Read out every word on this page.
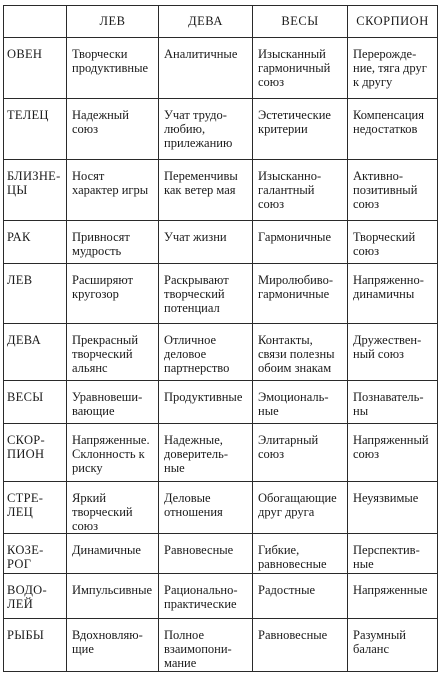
	ЛЕВ	ДЕВА	ВЕСЫ	СКОРПИОН

ОВЕН	Творчески
продуктивные	Аналитичные	Изысканный
гармоничный
союз	Перерожде-
ние, тяга друг
к другу

ТЕЛЕЦ	Надежный
союз	Учат трудо-
любию,
прилежанию	Эстетические
критерии	Компенсация
недостатков

БЛИЗНЕ-
ЦЫ	Носят
характер игры	Переменчивы
как ветер мая	Изысканно-
галантный
союз	Активно-
позитивный
союз

РАК	Привносят
мудрость	Учат жизни	Гармоничные	Творческий
союз

ЛЕВ	Расширяют
кругозор	Раскрывают
творческий
потенциал	Миролюбиво-
гармоничные	Напряженно-
динамичны

ДЕВА	Прекрасный
творческий
альянс	Отличное
деловое
партнерство	Контакты,
связи полезны
обоим знакам	Дружествен-
ный союз

ВЕСЫ	Уравновеши-
вающие	Продуктивные	Эмоциональ-
ные	Познаватель-
ны

СКОР-
ПИОН	Напряженные.
Склонность к
риску	Надежные,
доверитель-
ные	Элитарный
союз	Напряженный
союз

СТРЕ-
ЛЕЦ	Яркий
творческий
союз	Деловые
отношения	Обогащающие
друг друга	Неуязвимые

КОЗЕ-
РОГ	Динамичные	Равновесные	Гибкие,
равновесные	Перспектив-
ные

ВОДО-
ЛЕЙ	Импульсивные	Рационально-
практические	Радостные	Напряженные

РЫБЫ	Вдохновляю-
щие	Полное
взаимопони-
мание	Равновесные	Разумный
баланс
